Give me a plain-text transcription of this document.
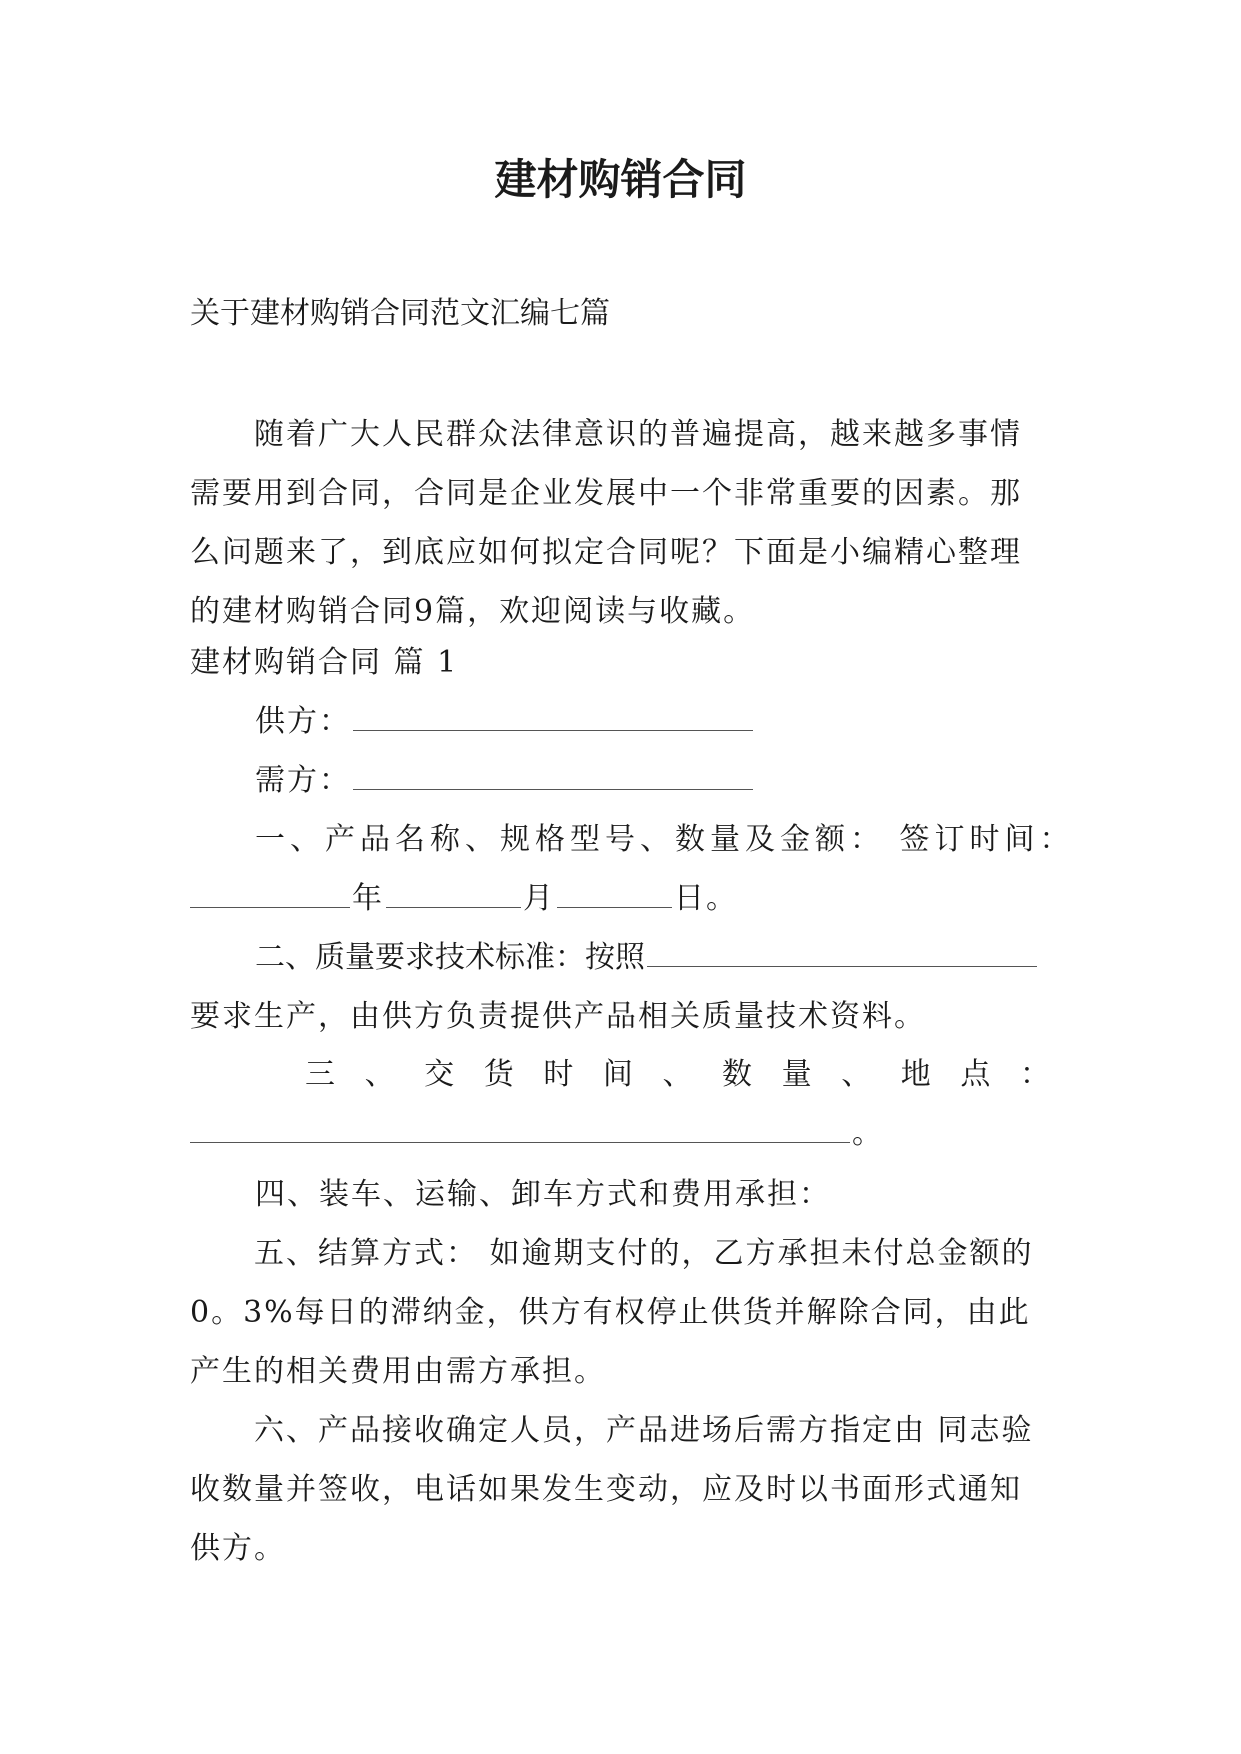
建材购销合同
关于建材购销合同范文汇编七篇

随着广大人民群众法律意识的普遍提高，越来越多事情需要用到合同，合同是企业发展中一个非常重要的因素。那么问题来了，到底应如何拟定合同呢？下面是小编精心整理的建材购销合同9篇，欢迎阅读与收藏。

建材购销合同 篇 1
供方：
需方：
一、产品名称、规格型号、数量及金额： 签订时间：
年	月	日。
二、质量要求技术标准：按照
要求生产，由供方负责提供产品相关质量技术资料。
三 、 交 货 时 间 、 数 量 、 地 点 ：
。
四、装车、运输、卸车方式和费用承担：

五、结算方式： 如逾期支付的，乙方承担未付总金额的0。3%每日的滞纳金，供方有权停止供货并解除合同，由此产生的相关费用由需方承担。

六、产品接收确定人员，产品进场后需方指定由 同志验收数量并签收，电话如果发生变动，应及时以书面形式通知供方。
